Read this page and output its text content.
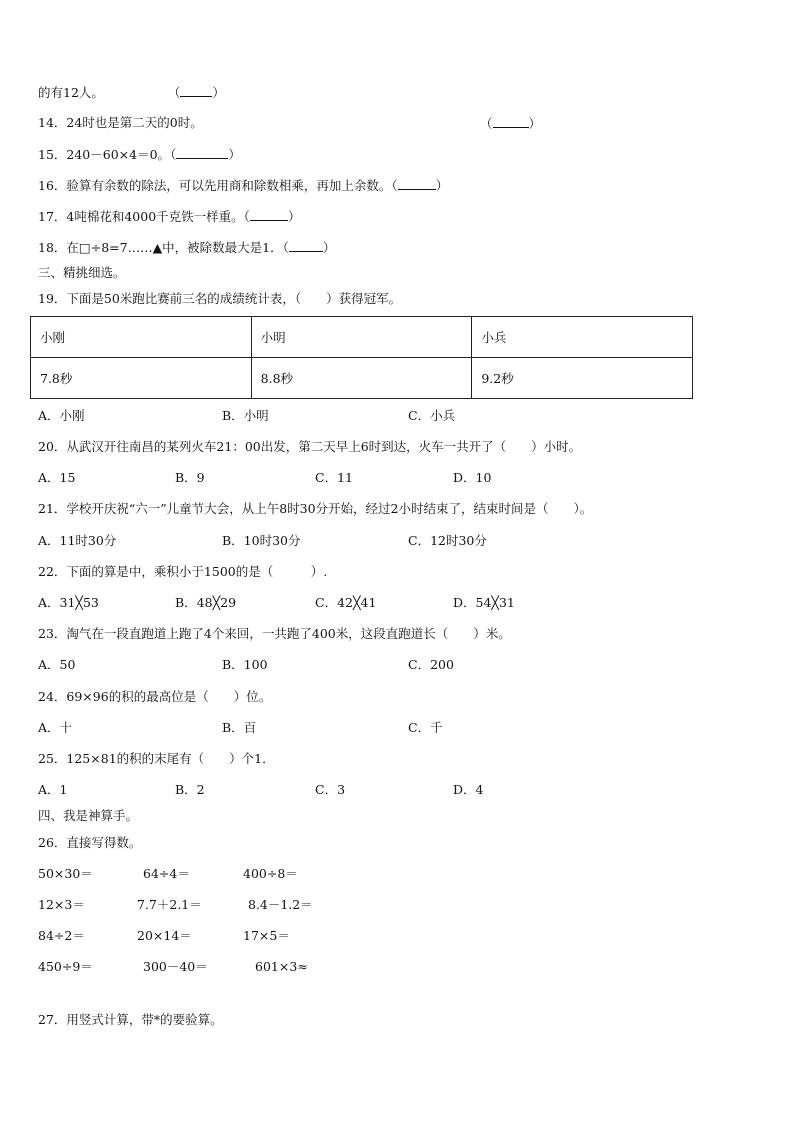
的有12人。	（	）
14．24时也是第二天的0时。	（	）
15．240－60×4＝0。（	）
16．验算有余数的除法，可以先用商和除数相乘，再加上余数。（	）
17．4吨棉花和4000千克铁一样重。（	）
18．在□÷8=7……▲中，被除数最大是1．（	）
三、精挑细选。
19．下面是50米跑比赛前三名的成绩统计表，（　　）获得冠军。
小刚	小明	小兵
7.8秒	8.8秒	9.2秒
A．小刚	B．小明	C．小兵
20．从武汉开往南昌的某列火车21：00出发，第二天早上6时到达，火车一共开了（　　）小时。
A．15	B．9	C．11	D．10
21．学校开庆祝“六一”儿童节大会，从上午8时30分开始，经过2小时结束了，结束时间是（　　）。
A．11时30分	B．10时30分	C．12时30分
22．下面的算是中，乘积小于1500的是（　　　）.
A．31╳53	B．48╳29	C．42╳41	D．54╳31
23．淘气在一段直跑道上跑了4个来回，一共跑了400米，这段直跑道长（　　）米。
A．50	B．100	C．200
24．69×96的积的最高位是（　　）位。
A．十	B．百	C．千
25．125×81的积的末尾有（　　）个1．
A．1	B．2	C．3	D．4
四、我是神算手。
26．直接写得数。
50×30＝	64÷4＝	400÷8＝
12×3＝	7.7＋2.1＝	8.4－1.2＝
84÷2＝	20×14＝	17×5＝
450÷9＝	300－40＝	601×3≈
27．用竖式计算，带*的要验算。
